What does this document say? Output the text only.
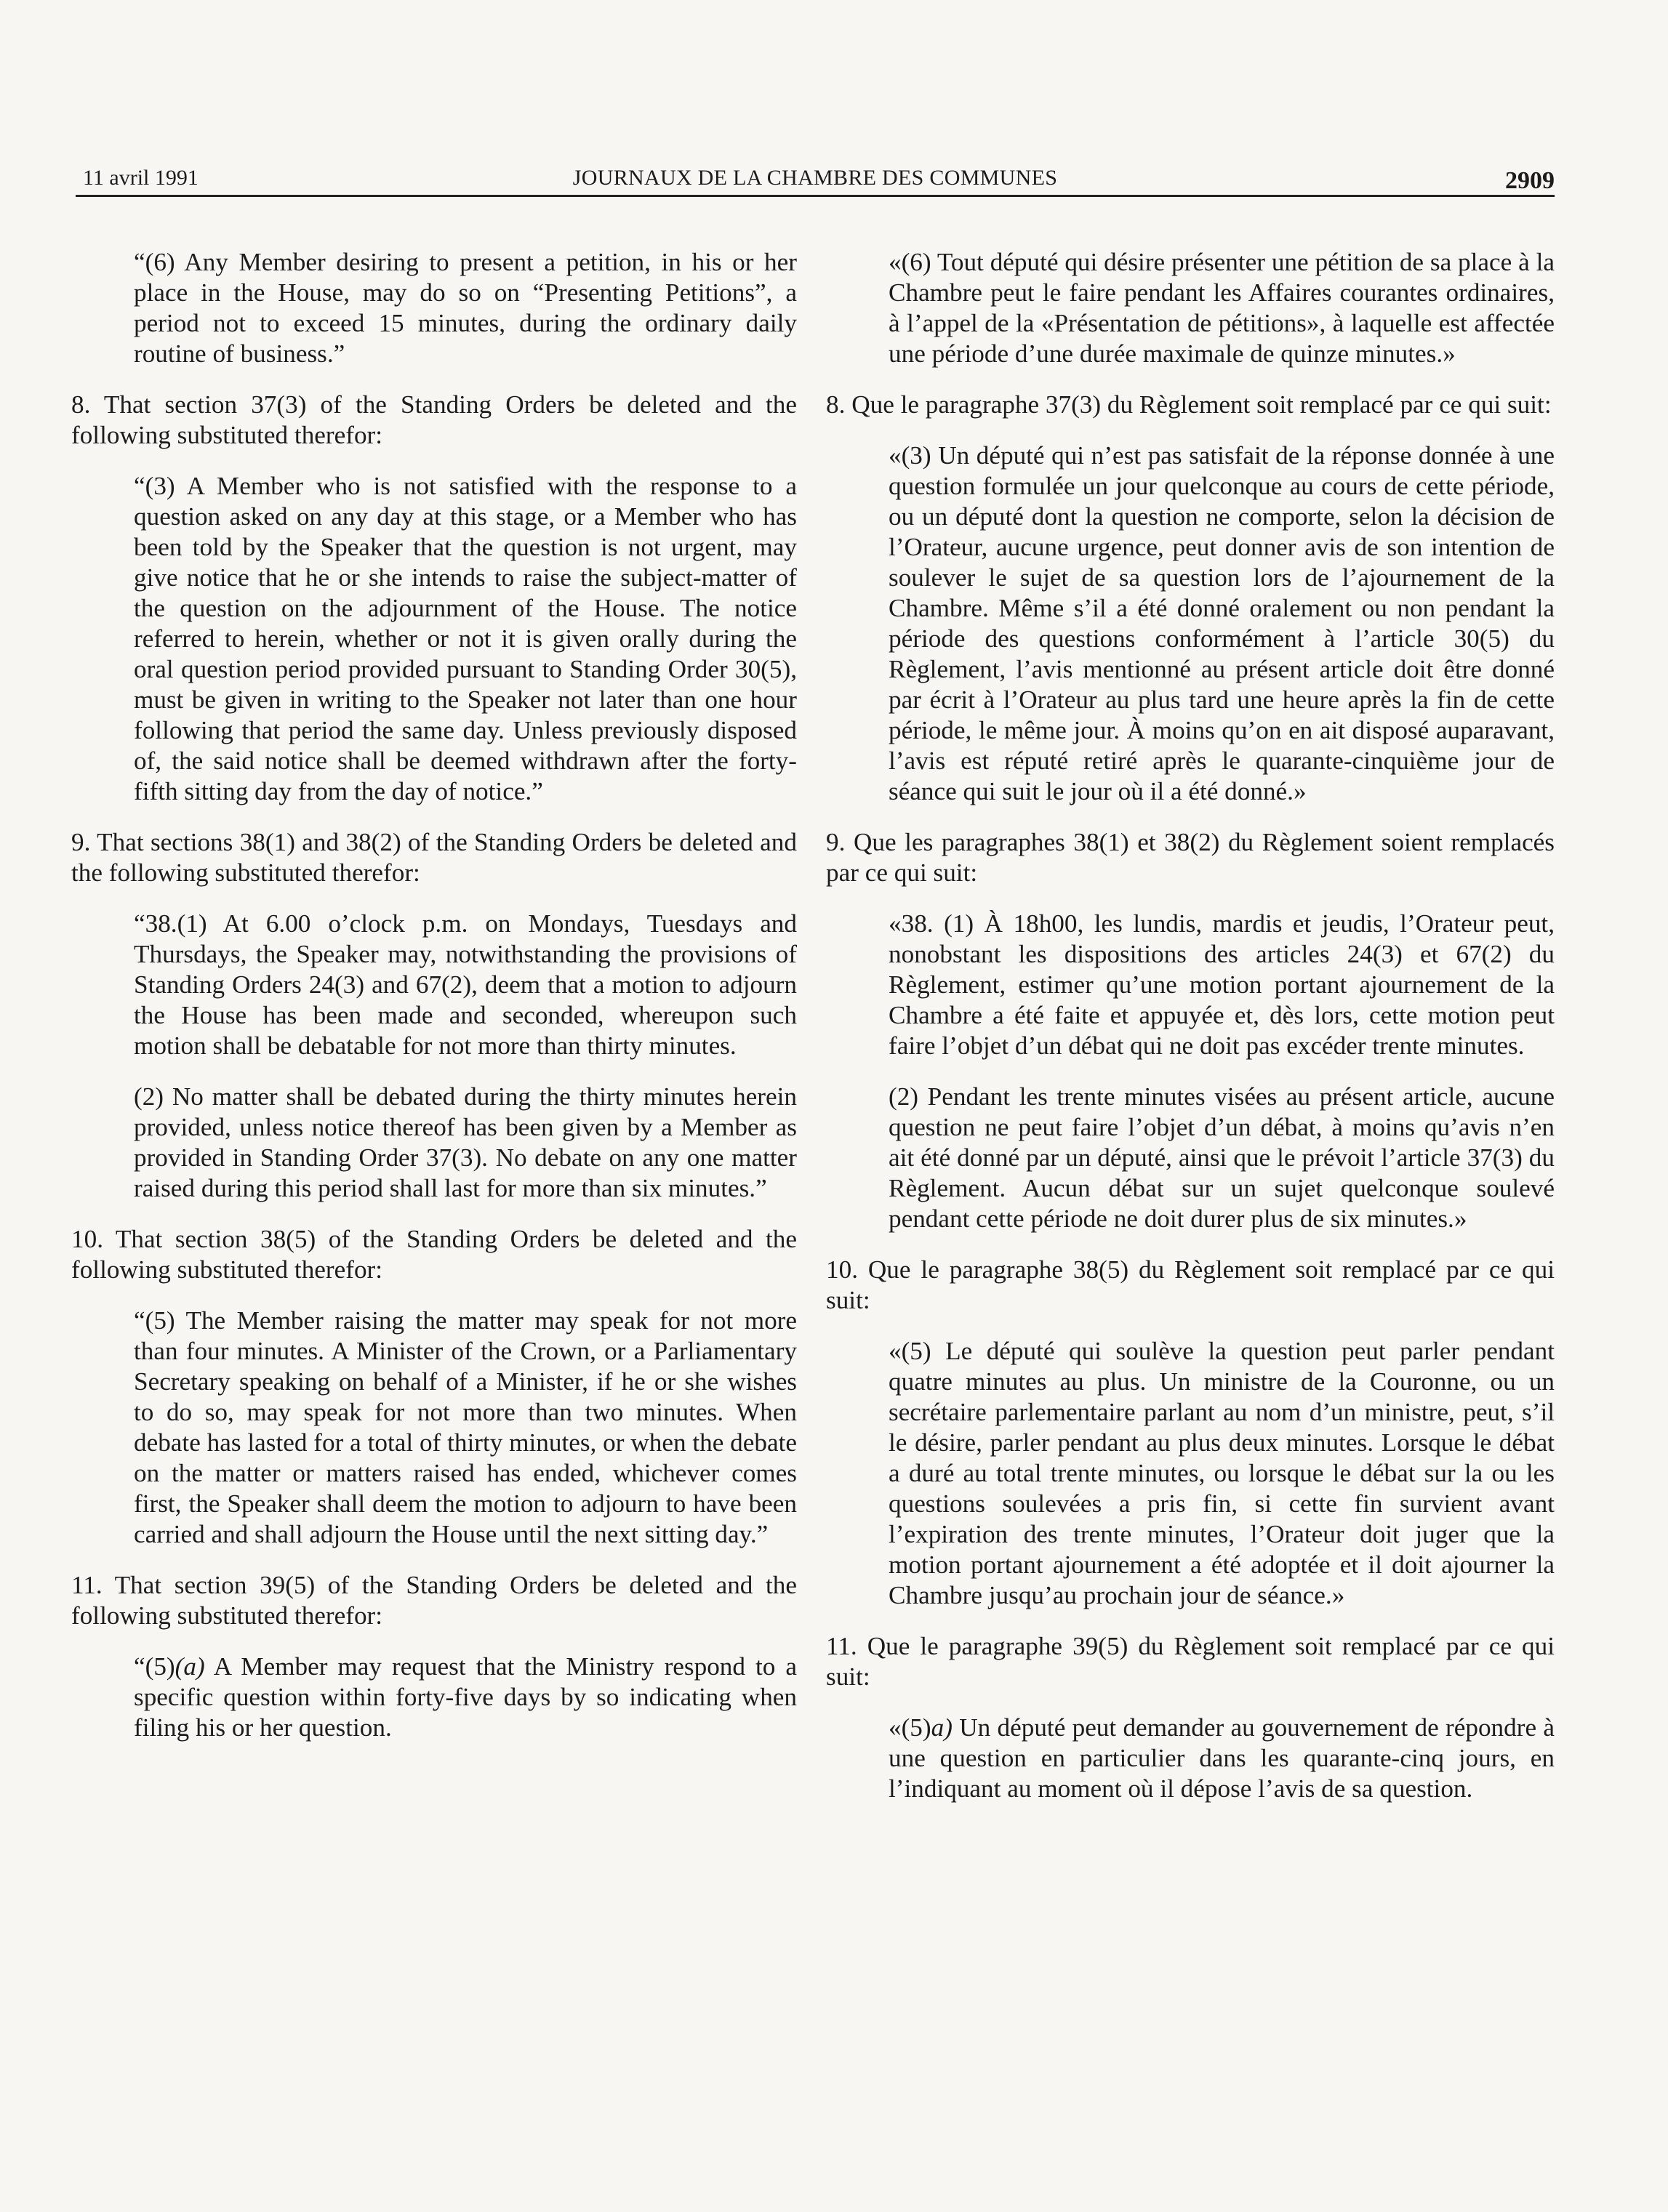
11 avril 1991	JOURNAUX DE LA CHAMBRE DES COMMUNES	2909

“(6) Any Member desiring to present a petition, in his or her place in the House, may do so on “Presenting Petitions”, a period not to exceed 15 minutes, during the ordinary daily routine of business.”

8. That section 37(3) of the Standing Orders be deleted and the following substituted therefor:

“(3) A Member who is not satisfied with the response to a question asked on any day at this stage, or a Member who has been told by the Speaker that the question is not urgent, may give notice that he or she intends to raise the subject-matter of the question on the adjournment of the House. The notice referred to herein, whether or not it is given orally during the oral question period provided pursuant to Standing Order 30(5), must be given in writing to the Speaker not later than one hour following that period the same day. Unless previously disposed of, the said notice shall be deemed withdrawn after the forty-fifth sitting day from the day of notice.”

9. That sections 38(1) and 38(2) of the Standing Orders be deleted and the following substituted therefor:

“38.(1) At 6.00 o’clock p.m. on Mondays, Tuesdays and Thursdays, the Speaker may, notwithstanding the provisions of Standing Orders 24(3) and 67(2), deem that a motion to adjourn the House has been made and seconded, whereupon such motion shall be debatable for not more than thirty minutes.

(2) No matter shall be debated during the thirty minutes herein provided, unless notice thereof has been given by a Member as provided in Standing Order 37(3). No debate on any one matter raised during this period shall last for more than six minutes.”

10. That section 38(5) of the Standing Orders be deleted and the following substituted therefor:

“(5) The Member raising the matter may speak for not more than four minutes. A Minister of the Crown, or a Parliamentary Secretary speaking on behalf of a Minister, if he or she wishes to do so, may speak for not more than two minutes. When debate has lasted for a total of thirty minutes, or when the debate on the matter or matters raised has ended, whichever comes first, the Speaker shall deem the motion to adjourn to have been carried and shall adjourn the House until the next sitting day.”

11. That section 39(5) of the Standing Orders be deleted and the following substituted therefor:

“(5)(a) A Member may request that the Ministry respond to a specific question within forty-five days by so indicating when filing his or her question.

«(6) Tout député qui désire présenter une pétition de sa place à la Chambre peut le faire pendant les Affaires courantes ordinaires, à l’appel de la «Présentation de pétitions», à laquelle est affectée une période d’une durée maximale de quinze minutes.»

8. Que le paragraphe 37(3) du Règlement soit remplacé par ce qui suit:

«(3) Un député qui n’est pas satisfait de la réponse donnée à une question formulée un jour quelconque au cours de cette période, ou un député dont la question ne comporte, selon la décision de l’Orateur, aucune urgence, peut donner avis de son intention de soulever le sujet de sa question lors de l’ajournement de la Chambre. Même s’il a été donné oralement ou non pendant la période des questions conformément à l’article 30(5) du Règlement, l’avis mentionné au présent article doit être donné par écrit à l’Orateur au plus tard une heure après la fin de cette période, le même jour. À moins qu’on en ait disposé auparavant, l’avis est réputé retiré après le quarante-cinquième jour de séance qui suit le jour où il a été donné.»

9. Que les paragraphes 38(1) et 38(2) du Règlement soient remplacés par ce qui suit:

«38. (1) À 18h00, les lundis, mardis et jeudis, l’Orateur peut, nonobstant les dispositions des articles 24(3) et 67(2) du Règlement, estimer qu’une motion portant ajournement de la Chambre a été faite et appuyée et, dès lors, cette motion peut faire l’objet d’un débat qui ne doit pas excéder trente minutes.

(2) Pendant les trente minutes visées au présent article, aucune question ne peut faire l’objet d’un débat, à moins qu’avis n’en ait été donné par un député, ainsi que le prévoit l’article 37(3) du Règlement. Aucun débat sur un sujet quelconque soulevé pendant cette période ne doit durer plus de six minutes.»

10. Que le paragraphe 38(5) du Règlement soit remplacé par ce qui suit:

«(5) Le député qui soulève la question peut parler pendant quatre minutes au plus. Un ministre de la Couronne, ou un secrétaire parlementaire parlant au nom d’un ministre, peut, s’il le désire, parler pendant au plus deux minutes. Lorsque le débat a duré au total trente minutes, ou lorsque le débat sur la ou les questions soulevées a pris fin, si cette fin survient avant l’expiration des trente minutes, l’Orateur doit juger que la motion portant ajournement a été adoptée et il doit ajourner la Chambre jusqu’au prochain jour de séance.»

11. Que le paragraphe 39(5) du Règlement soit remplacé par ce qui suit:

«(5)a) Un député peut demander au gouvernement de répondre à une question en particulier dans les quarante-cinq jours, en l’indiquant au moment où il dépose l’avis de sa question.
